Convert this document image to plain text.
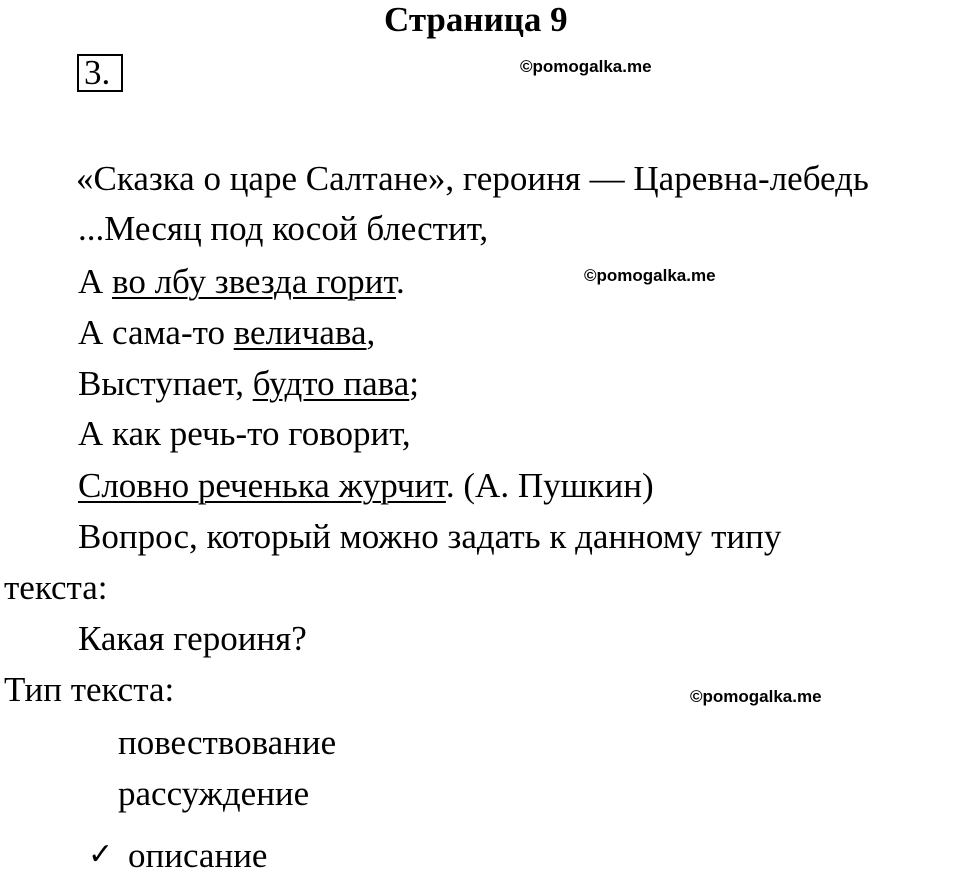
Страница 9
3.	©pomogalka.me
«Сказка о царе Салтане», героиня — Царевна-лебедь
...Месяц под косой блестит,
А во лбу звезда горит.	©pomogalka.me
А сама-то величава,
Выступает, будто пава;
А как речь-то говорит,
Словно реченька журчит. (А. Пушкин)
Вопрос, который можно задать к данному типу
текста:
Какая героиня?
Тип текста:	©pomogalka.me
повествование
рассуждение
✓ описание
